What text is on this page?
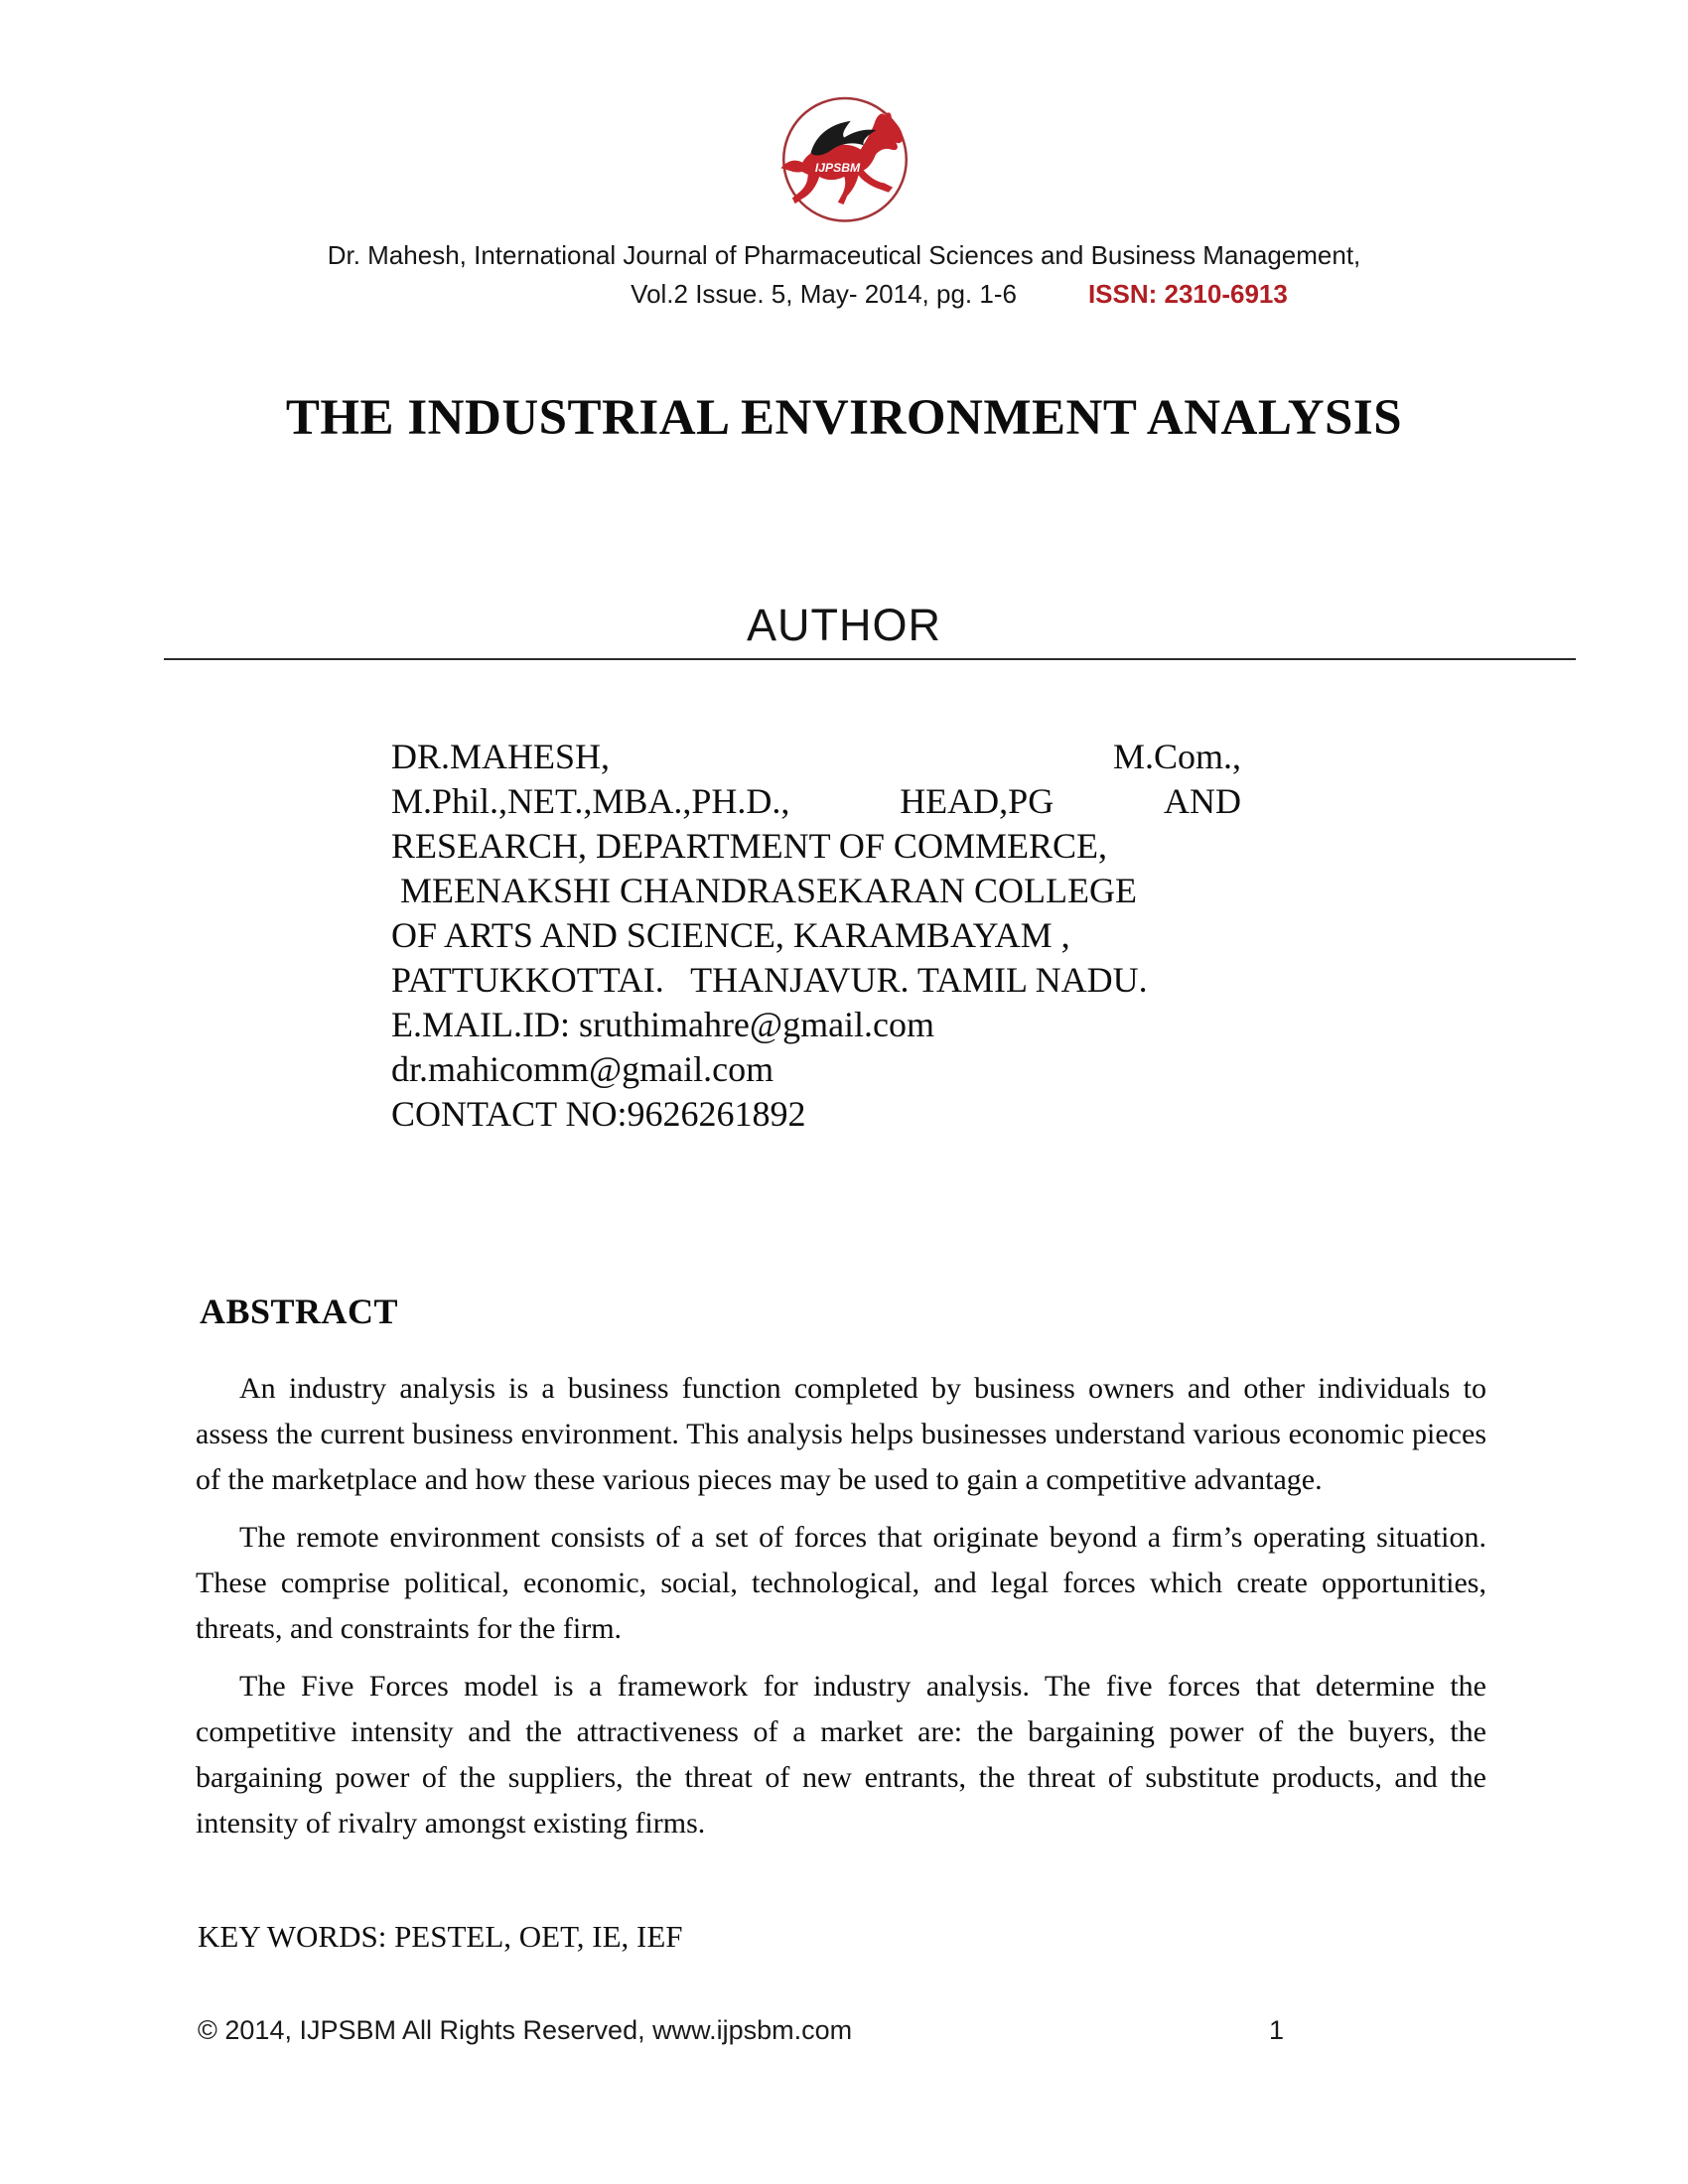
IJPSBM
Dr. Mahesh, International Journal of Pharmaceutical Sciences and Business Management,
Vol.2 Issue. 5, May- 2014, pg. 1-6	ISSN: 2310-6913
THE INDUSTRIAL ENVIRONMENT ANALYSIS
AUTHOR
DR.MAHESH,	M.Com.,
M.Phil.,NET.,MBA.,PH.D.,	HEAD,PG	AND
RESEARCH, DEPARTMENT OF COMMERCE,
MEENAKSHI CHANDRASEKARAN COLLEGE
OF ARTS AND SCIENCE, KARAMBAYAM ,
PATTUKKOTTAI.   THANJAVUR. TAMIL NADU.
E.MAIL.ID: sruthimahre@gmail.com
dr.mahicomm@gmail.com
CONTACT NO:9626261892
ABSTRACT

An industry analysis is a business function completed by business owners and other individuals to assess the current business environment. This analysis helps businesses understand various economic pieces of the marketplace and how these various pieces may be used to gain a competitive advantage.

The remote environment consists of a set of forces that originate beyond a firm’s operating situation. These comprise political, economic, social, technological, and legal forces which create opportunities, threats, and constraints for the firm.

The Five Forces model is a framework for industry analysis. The five forces that determine the competitive intensity and the attractiveness of a market are: the bargaining power of the buyers, the bargaining power of the suppliers, the threat of new entrants, the threat of substitute products, and the intensity of rivalry amongst existing firms.

KEY WORDS: PESTEL, OET, IE, IEF
© 2014, IJPSBM All Rights Reserved, www.ijpsbm.com	1
